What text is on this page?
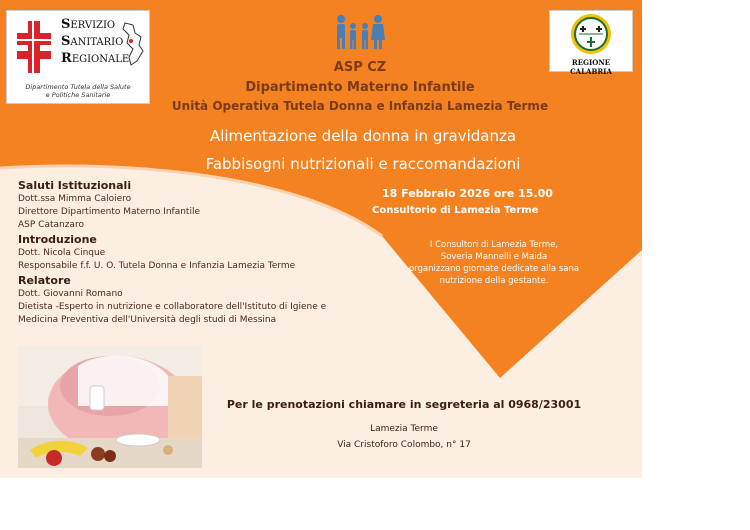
SERVIZIO
SANITARIO
REGIONALE
Dipartimento Tutela della Salute
e Politiche Sanitarie
REGIONE CALABRIA
ASP CZ
Dipartimento Materno Infantile
Unità Operativa Tutela Donna e Infanzia Lamezia Terme
Alimentazione della donna in gravidanza
Fabbisogni nutrizionali e raccomandazioni
18 Febbraio 2026 ore 15.00
Consultorio di Lamezia Terme
I Consultori di Lamezia Terme,
Soveria Mannelli e Maida
organizzano giornate dedicate alla sana
nutrizione della gestante.
Saluti Istituzionali
Dott.ssa Mimma Caloiero
Direttore Dipartimento Materno Infantile
ASP Catanzaro
Introduzione
Dott. Nicola Cinque
Responsabile f.f. U. O. Tutela Donna e Infanzia Lamezia Terme
Relatore
Dott. Giovanni Romano
Dietista -Esperto in nutrizione e collaboratore dell'Istituto di Igiene e
Medicina Preventiva dell'Università degli studi di Messina
Per le prenotazioni chiamare in segreteria al 0968/23001
Lamezia Terme
Via Cristoforo Colombo, n° 17
